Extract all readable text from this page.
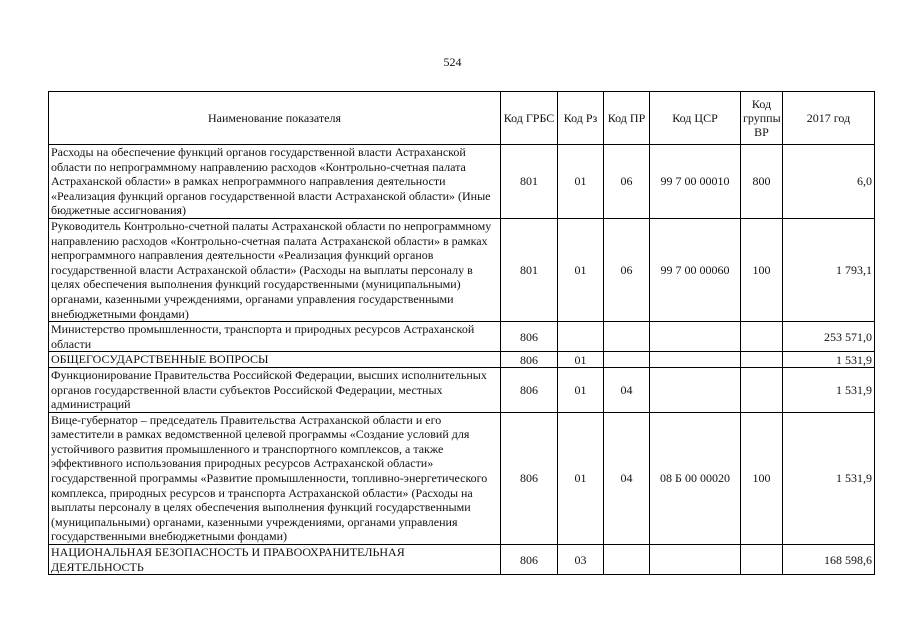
524
Наименование показателя	Код ГРБС	Код Рз	Код ПР	Код ЦСР	Код группы ВР	2017 год
Расходы на обеспечение функций органов государственной власти Астраханской области по непрограммному направлению расходов «Контрольно-счетная палата Астраханской области» в рамках непрограммного направления деятельности «Реализация функций органов государственной власти Астраханской области» (Иные бюджетные ассигнования)	801	01	06	99 7 00 00010	800	6,0
Руководитель Контрольно-счетной палаты Астраханской области по непрограммному направлению расходов «Контрольно-счетная палата Астраханской области» в рамках непрограммного направления деятельности «Реализация функций органов государственной власти Астраханской области» (Расходы на выплаты персоналу в целях обеспечения выполнения функций государственными (муниципальными) органами, казенными учреждениями, органами управления государственными внебюджетными фондами)	801	01	06	99 7 00 00060	100	1 793,1
Министерство промышленности, транспорта и природных ресурсов Астраханской области	806					253 571,0
ОБЩЕГОСУДАРСТВЕННЫЕ ВОПРОСЫ	806	01				1 531,9
Функционирование Правительства Российской Федерации, высших исполнительных органов государственной власти субъектов Российской Федерации, местных администраций	806	01	04			1 531,9
Вице-губернатор – председатель Правительства Астраханской области и его заместители в рамках ведомственной целевой программы «Создание условий для устойчивого развития промышленного и транспортного комплексов, а также эффективного использования природных ресурсов Астраханской области» государственной программы «Развитие промышленности, топливно-энергетического комплекса, природных ресурсов и транспорта Астраханской области» (Расходы на выплаты персоналу в целях обеспечения выполнения функций государственными (муниципальными) органами, казенными учреждениями, органами управления государственными внебюджетными фондами)	806	01	04	08 Б 00 00020	100	1 531,9
НАЦИОНАЛЬНАЯ БЕЗОПАСНОСТЬ И ПРАВООХРАНИТЕЛЬНАЯ ДЕЯТЕЛЬНОСТЬ	806	03				168 598,6
